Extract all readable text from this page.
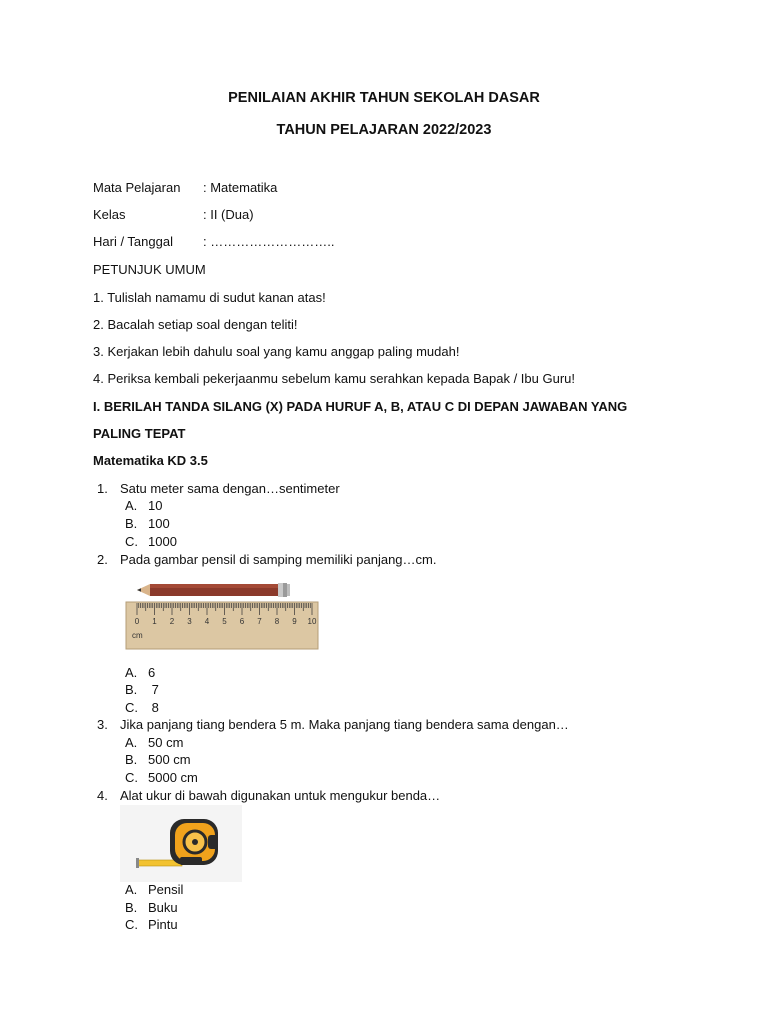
PENILAIAN AKHIR TAHUN SEKOLAH DASAR
TAHUN PELAJARAN 2022/2023
Mata Pelajaran : Matematika
Kelas	: II (Dua)
Hari / Tanggal : ………………………..
PETUNJUK UMUM
1. Tulislah namamu di sudut kanan atas!
2. Bacalah setiap soal dengan teliti!
3. Kerjakan lebih dahulu soal yang kamu anggap paling mudah!
4. Periksa kembali pekerjaanmu sebelum kamu serahkan kepada Bapak / Ibu Guru!
I. BERILAH TANDA SILANG (X) PADA HURUF A, B, ATAU C DI DEPAN JAWABAN YANG
PALING TEPAT
Matematika KD 3.5
1. Satu meter sama dengan…sentimeter
A. 10
B. 100
C. 1000
2. Pada gambar pensil di samping memiliki panjang…cm.
0 1 2 3 4 5 6 7 8 9 10
cm
A. 6
B. 7
C. 8
3. Jika panjang tiang bendera 5 m. Maka panjang tiang bendera sama dengan…
A. 50 cm
B. 500 cm
C. 5000 cm
4. Alat ukur di bawah digunakan untuk mengukur benda…
A. Pensil
B. Buku
C. Pintu
